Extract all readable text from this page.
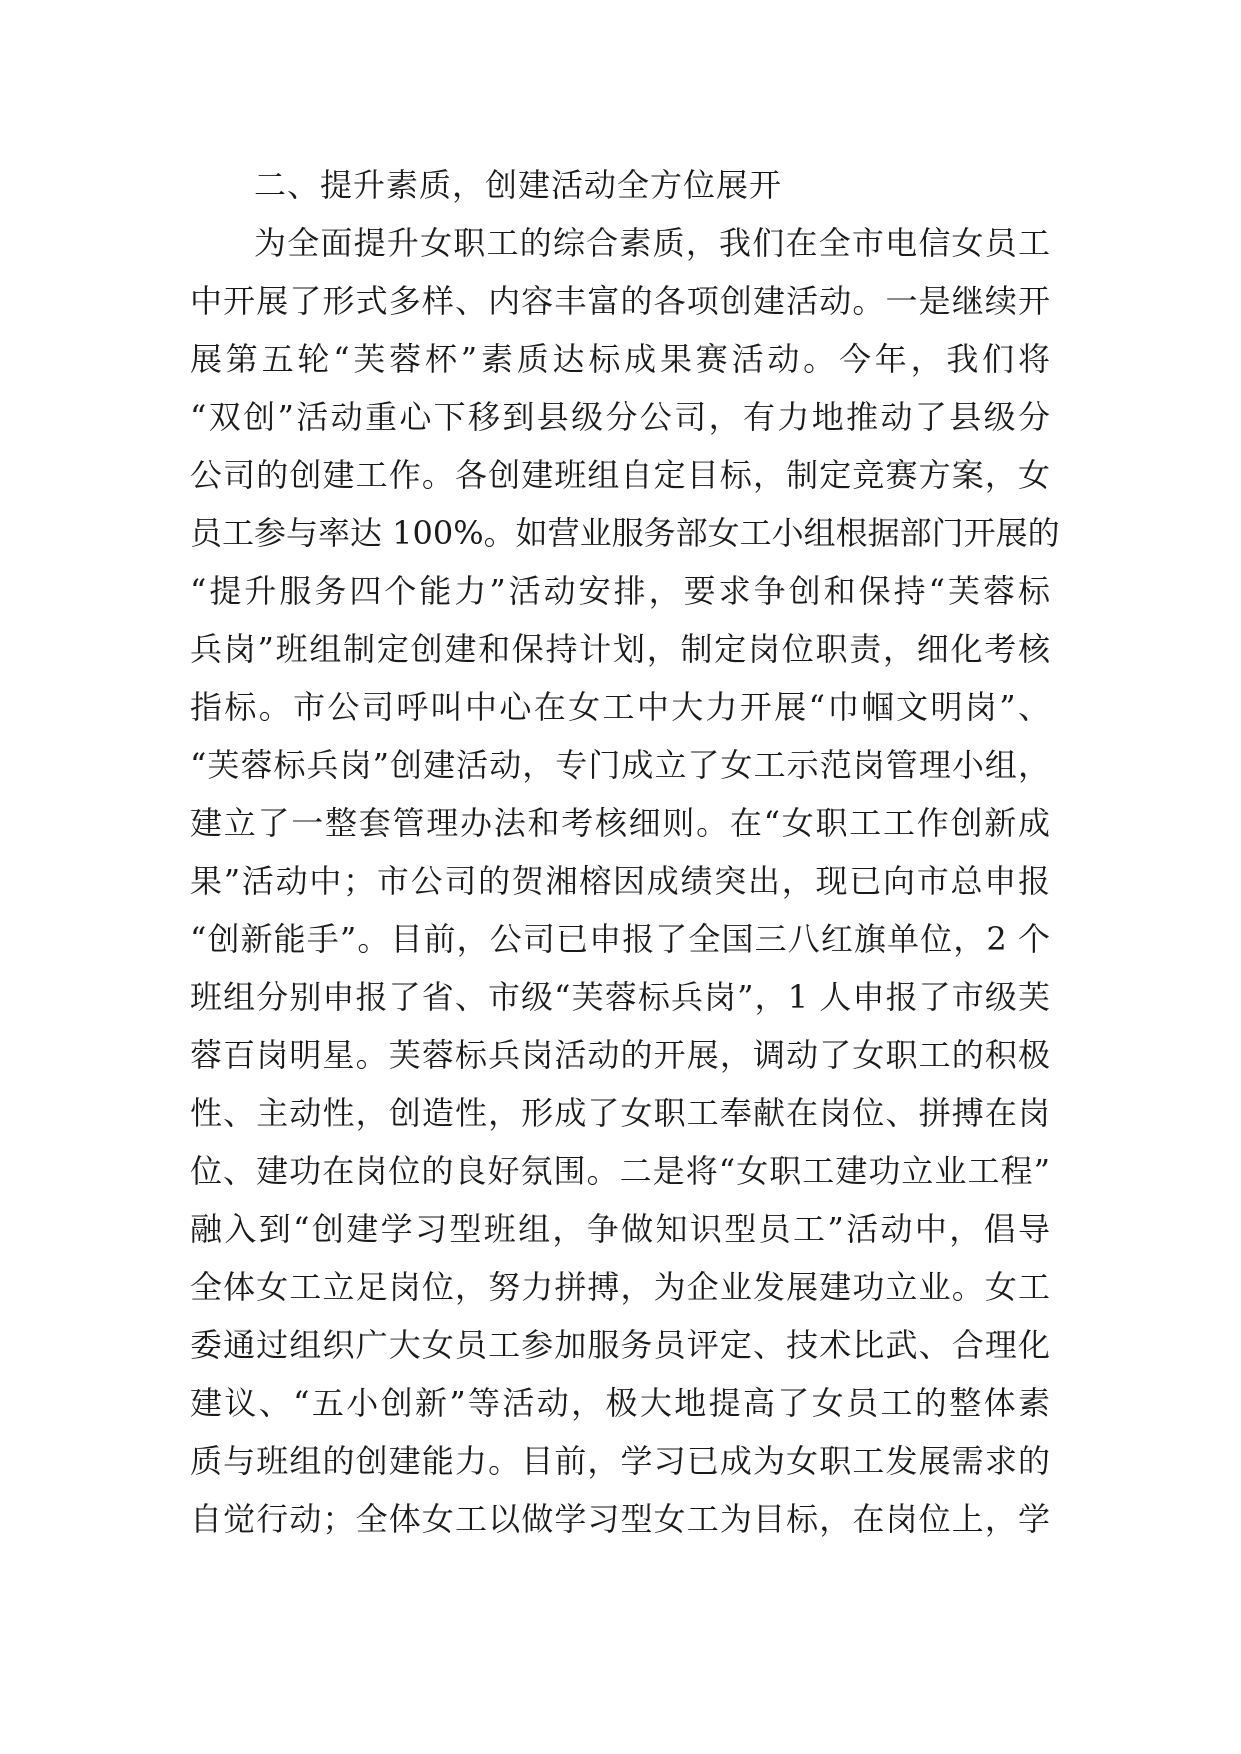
二、提升素质，创建活动全方位展开
为全面提升女职工的综合素质，我们在全市电信女员工
中开展了形式多样、内容丰富的各项创建活动。一是继续开
展第五轮“芙蓉杯”素质达标成果赛活动。今年，我们将
“双创”活动重心下移到县级分公司，有力地推动了县级分
公司的创建工作。各创建班组自定目标，制定竞赛方案，女
员工参与率达 100%。如营业服务部女工小组根据部门开展的
“提升服务四个能力”活动安排，要求争创和保持“芙蓉标
兵岗”班组制定创建和保持计划，制定岗位职责，细化考核
指标。市公司呼叫中心在女工中大力开展“巾帼文明岗”、
“芙蓉标兵岗”创建活动，专门成立了女工示范岗管理小组，
建立了一整套管理办法和考核细则。在“女职工工作创新成
果”活动中；市公司的贺湘榕因成绩突出，现已向市总申报
“创新能手”。目前，公司已申报了全国三八红旗单位，2 个
班组分别申报了省、市级“芙蓉标兵岗”，1 人申报了市级芙
蓉百岗明星。芙蓉标兵岗活动的开展，调动了女职工的积极
性、主动性，创造性，形成了女职工奉献在岗位、拼搏在岗
位、建功在岗位的良好氛围。二是将“女职工建功立业工程”
融入到“创建学习型班组，争做知识型员工”活动中，倡导
全体女工立足岗位，努力拼搏，为企业发展建功立业。女工
委通过组织广大女员工参加服务员评定、技术比武、合理化
建议、“五小创新”等活动，极大地提高了女员工的整体素
质与班组的创建能力。目前，学习已成为女职工发展需求的
自觉行动；全体女工以做学习型女工为目标，在岗位上，学
